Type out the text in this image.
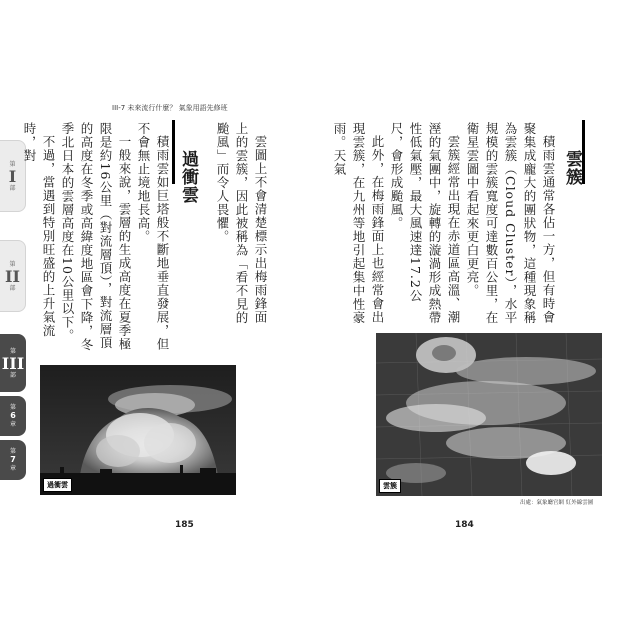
第
I
部
第
II
部
第
III
部
第
6
章
第
7
章
III-7 未來流行什麼？ 氣象用語先修班

雲圖上不會清楚標示出梅雨鋒面上的雲簇，因此被稱為「看不見的颱風」而令人畏懼。

過衝雲

積雨雲如巨塔般不斷地垂直發展，但不會無止境地長高。

一般來說，雲層的生成高度在夏季極限是約16公里（對流層頂），對流層頂的高度在冬季或高緯度地區會下降，冬季北日本的雲層高度在10公里以下。

不過，當遇到特別旺盛的上升氣流時，對

過衝雲
185
雲簇

積雨雲通常各佔一方，但有時會聚集成龐大的團狀物，這種現象稱為雲簇（Cloud Cluster），水平規模的雲簇寬度可達數百公里，在衛星雲圖中看起來更白更亮。

雲簇經常出現在赤道區高溫、潮溼的氣團中，旋轉的漩渦形成熱帶性低氣壓，最大風速達17.2公尺，會形成颱風。

此外，在梅雨鋒面上也經常會出現雲簇，在九州等地引起集中性豪雨。天氣

雲簇
出處：氣象廳官網 紅外線雲圖
184
